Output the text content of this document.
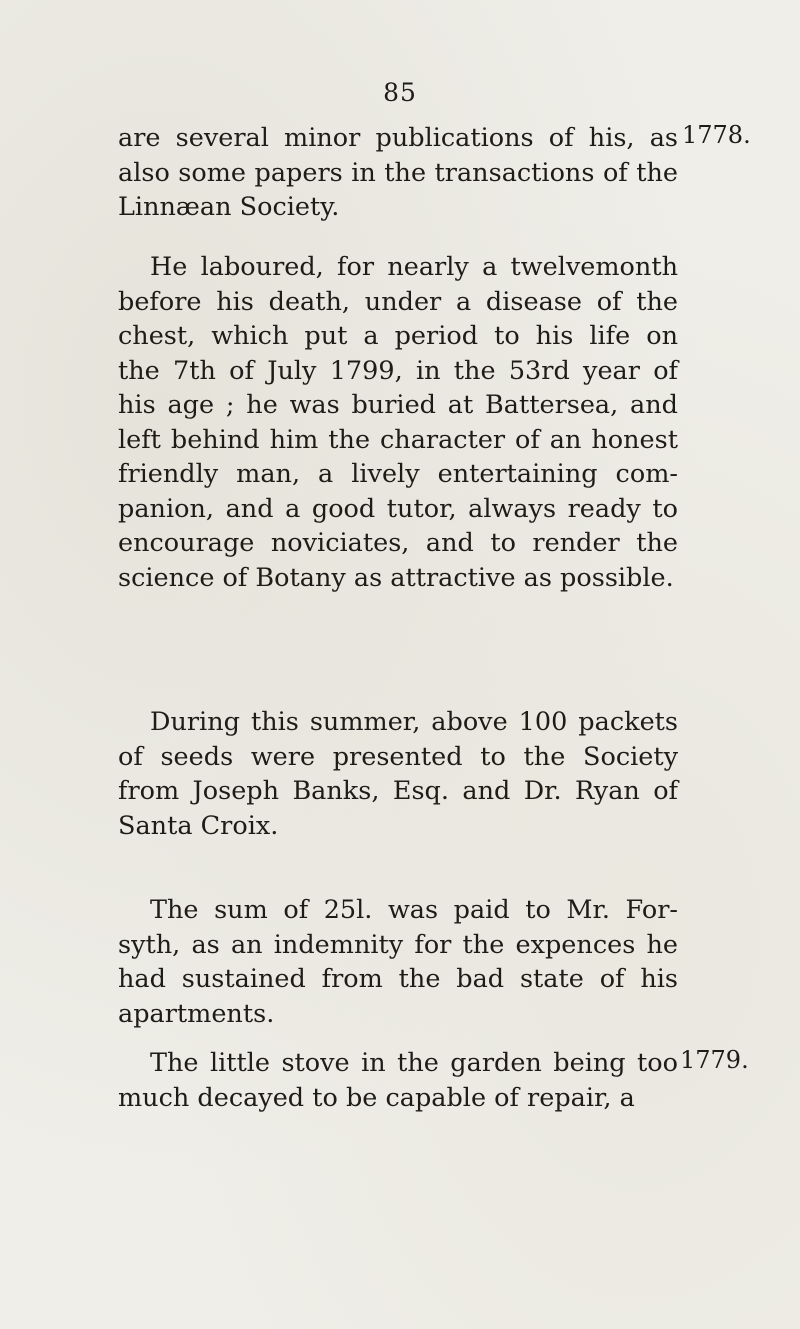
85
1778.
1779.
are several minor publications of his, as
also some papers in the transactions of the
Linnæan Society.
He laboured, for nearly a twelvemonth
before his death, under a disease of the
chest, which put a period to his life on
the 7th of July 1799, in the 53rd year of
his age ; he was buried at Battersea, and
left behind him the character of an honest
friendly man, a lively entertaining com-
panion, and a good tutor, always ready to
encourage noviciates, and to render the
science of Botany as attractive as possible.
During this summer, above 100 packets
of seeds were presented to the Society
from Joseph Banks, Esq. and Dr. Ryan of
Santa Croix.
The sum of 25l. was paid to Mr. For-
syth, as an indemnity for the expences he
had sustained from the bad state of his
apartments.
The little stove in the garden being too
much decayed to be capable of repair, a
